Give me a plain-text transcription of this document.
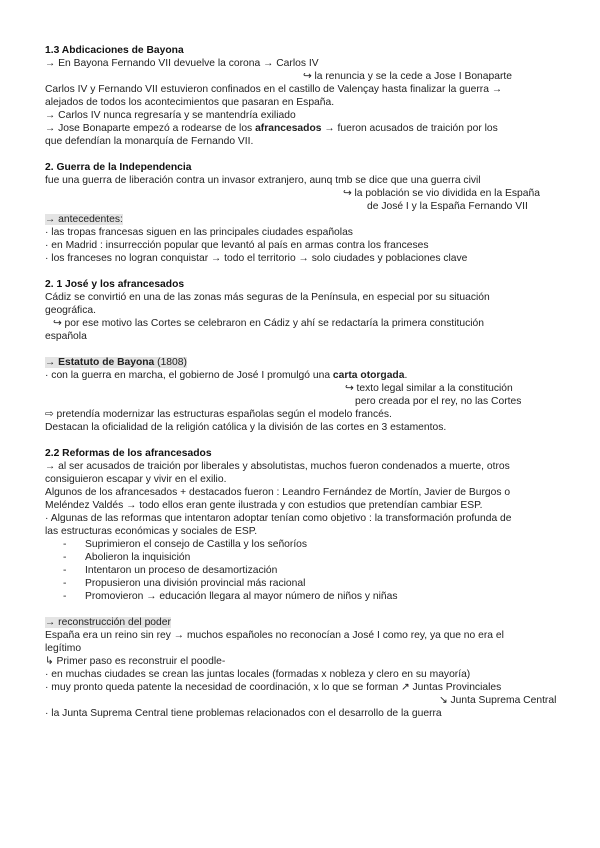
1.3 Abdicaciones de Bayona
→ En Bayona Fernando VII devuelve la corona → Carlos IV
↪ la renuncia y se la cede a Jose I Bonaparte
Carlos IV y Fernando VII estuvieron confinados en el castillo de Valençay hasta finalizar la guerra →
alejados de todos los acontecimientos que pasaran en España.
→ Carlos IV nunca regresaría y se mantendría exiliado
→ Jose Bonaparte empezó a rodearse de los afrancesados → fueron acusados de traición por los
que defendían la monarquía de Fernando VII.
2. Guerra de la Independencia
fue una guerra de liberación contra un invasor extranjero, aunq tmb se dice que una guerra civil
↪ la población se vio dividida en la España
de José I y la España Fernando VII
→ antecedentes:
· las tropas francesas siguen en las principales ciudades españolas
· en Madrid : insurrección popular que levantó al país en armas contra los franceses
· los franceses no logran conquistar → todo el territorio → solo ciudades y poblaciones clave
2. 1 José y los afrancesados
Cádiz se convirtió en una de las zonas más seguras de la Península, en especial por su situación
geográfica.
↪ por ese motivo las Cortes se celebraron en Cádiz y ahí se redactaría la primera constitución
española
→ Estatuto de Bayona (1808)
· con la guerra en marcha, el gobierno de José I promulgó una carta otorgada.
↪ texto legal similar a la constitución
pero creada por el rey, no las Cortes
⇨ pretendía modernizar las estructuras españolas según el modelo francés.
Destacan la oficialidad de la religión católica y la división de las cortes en 3 estamentos.
2.2 Reformas de los afrancesados
→ al ser acusados de traición por liberales y absolutistas, muchos fueron condenados a muerte, otros
consiguieron escapar y vivir en el exilio.
Algunos de los afrancesados + destacados fueron : Leandro Fernández de Mortín, Javier de Burgos o
Meléndez Valdés → todo ellos eran gente ilustrada y con estudios que pretendían cambiar ESP.
· Algunas de las reformas que intentaron adoptar tenían como objetivo : la transformación profunda de
las estructuras económicas y sociales de ESP.
- Suprimieron el consejo de Castilla y los señoríos
- Abolieron la inquisición
- Intentaron un proceso de desamortización
- Propusieron una división provincial más racional
- Promovieron → educación llegara al mayor número de niños y niñas
→ reconstrucción del poder
España era un reino sin rey → muchos españoles no reconocían a José I como rey, ya que no era el
legítimo
↳ Primer paso es reconstruir el poodle-
· en muchas ciudades se crean las juntas locales (formadas x nobleza y clero en su mayoría)
· muy pronto queda patente la necesidad de coordinación, x lo que se forman ↗ Juntas Provinciales
↘ Junta Suprema Central
· la Junta Suprema Central tiene problemas relacionados con el desarrollo de la guerra
